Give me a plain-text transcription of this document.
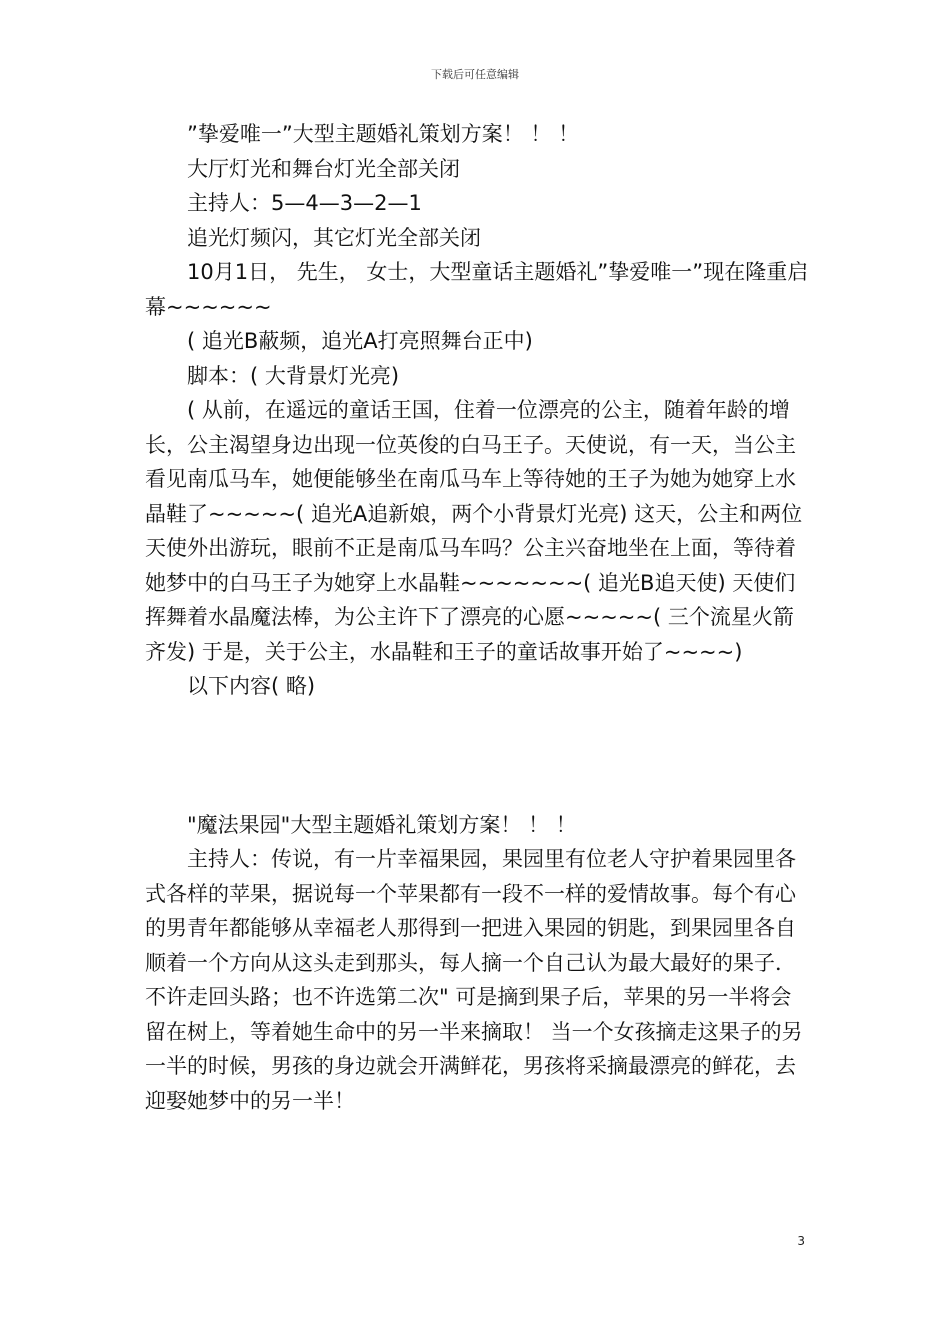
下载后可任意编辑

”挚爱唯一”大型主题婚礼策划方案！ ！ ！

大厅灯光和舞台灯光全部关闭

主持人：5—4—3—2—1

追光灯频闪，其它灯光全部关闭

10月1日， 先生， 女士，大型童话主题婚礼”挚爱唯一”现在隆重启幕~~~~~~

( 追光B蔽频，追光A打亮照舞台正中)

脚本：( 大背景灯光亮)

( 从前，在遥远的童话王国，住着一位漂亮的公主，随着年龄的增长，公主渴望身边出现一位英俊的白马王子。天使说，有一天，当公主看见南瓜马车，她便能够坐在南瓜马车上等待她的王子为她为她穿上水晶鞋了~~~~~( 追光A追新娘，两个小背景灯光亮) 这天，公主和两位天使外出游玩，眼前不正是南瓜马车吗？公主兴奋地坐在上面，等待着她梦中的白马王子为她穿上水晶鞋~~~~~~~( 追光B追天使) 天使们挥舞着水晶魔法棒，为公主许下了漂亮的心愿~~~~~( 三个流星火箭齐发) 于是，关于公主，水晶鞋和王子的童话故事开始了~~~~)

以下内容( 略)

"魔法果园"大型主题婚礼策划方案！ ！ ！

主持人：传说，有一片幸福果园，果园里有位老人守护着果园里各式各样的苹果，据说每一个苹果都有一段不一样的爱情故事。每个有心的男青年都能够从幸福老人那得到一把进入果园的钥匙，到果园里各自顺着一个方向从这头走到那头，每人摘一个自己认为最大最好的果子．不许走回头路；也不许选第二次" 可是摘到果子后，苹果的另一半将会留在树上，等着她生命中的另一半来摘取！ 当一个女孩摘走这果子的另一半的时候，男孩的身边就会开满鲜花，男孩将采摘最漂亮的鲜花，去迎娶她梦中的另一半！

3
